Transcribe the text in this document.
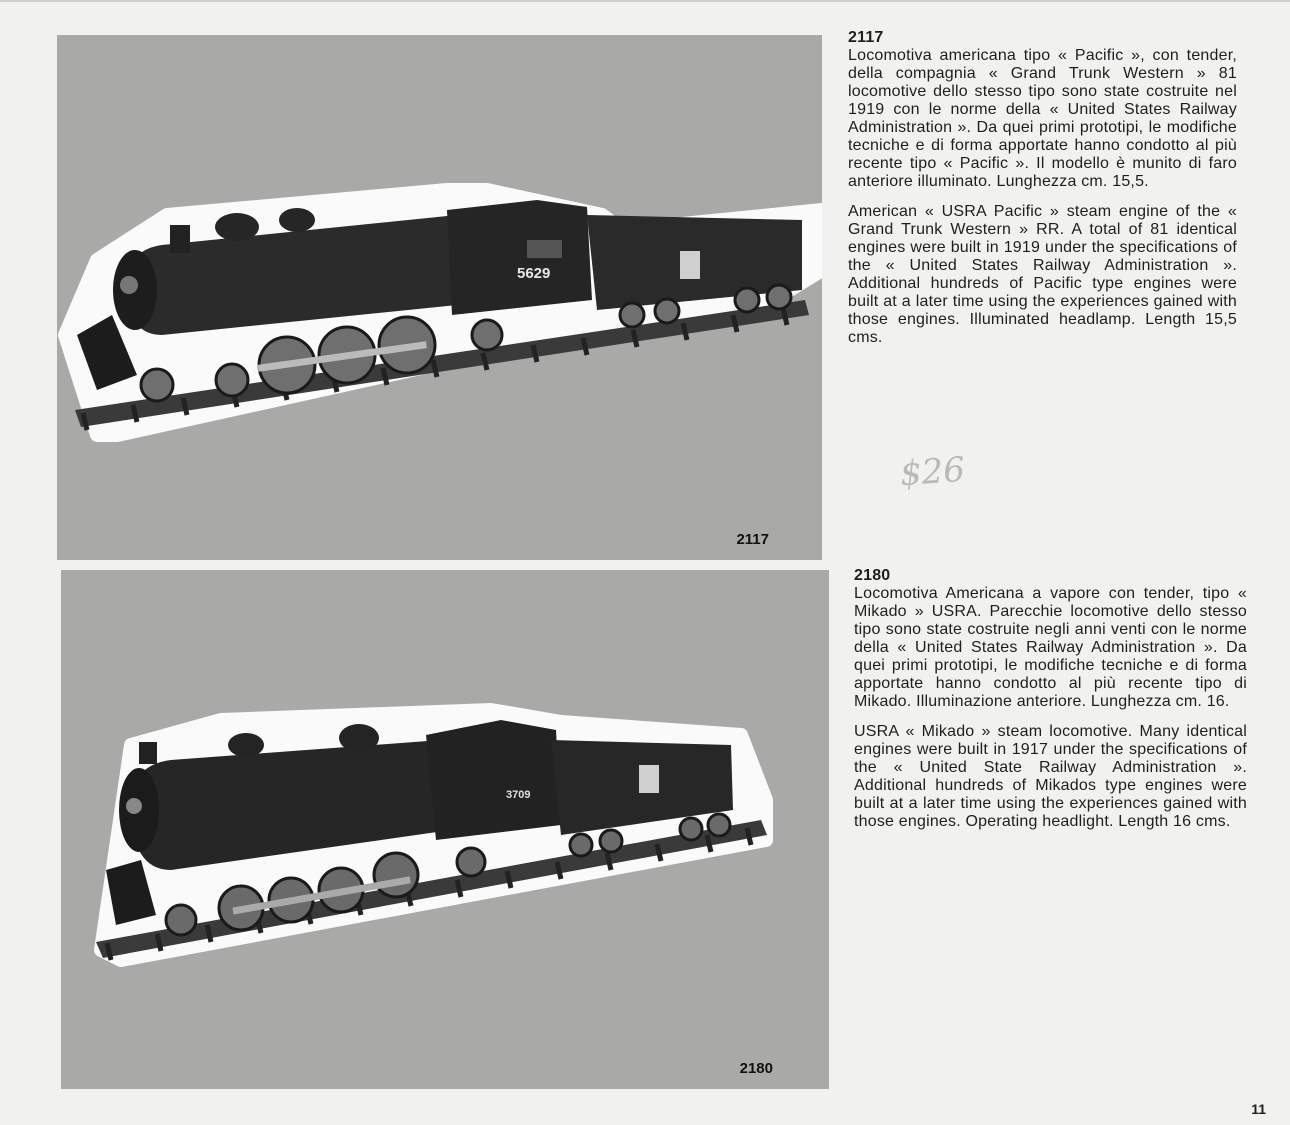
5629
2117
3709
2180
2117

Locomotiva americana tipo « Pacific », con tender, della compagnia « Grand Trunk Western » 81 locomotive dello stesso tipo sono state costruite nel 1919 con le norme della « United States Railway Administration ». Da quei primi prototipi, le modifiche tecniche e di forma apportate hanno condotto al più recente tipo « Pacific ». Il modello è munito di faro anteriore illuminato. Lunghezza cm. 15,5.

American « USRA Pacific » steam engine of the « Grand Trunk Western » RR. A total of 81 identical engines were built in 1919 under the specifications of the « United States Railway Administration ». Additional hundreds of Pacific type engines were built at a later time using the experiences gained with those engines. Illuminated headlamp. Length 15,5 cms.

$26
2180

Locomotiva Americana a vapore con tender, tipo « Mikado » USRA. Parecchie locomotive dello stesso tipo sono state costruite negli anni venti con le norme della « United States Railway Administration ». Da quei primi prototipi, le modifiche tecniche e di forma apportate hanno condotto al più recente tipo di Mikado. Illuminazione anteriore. Lunghezza cm. 16.

USRA « Mikado » steam locomotive. Many identical engines were built in 1917 under the specifications of the « United State Railway Administration ». Additional hundreds of Mikados type engines were built at a later time using the experiences gained with those engines. Operating headlight. Length 16 cms.

11
